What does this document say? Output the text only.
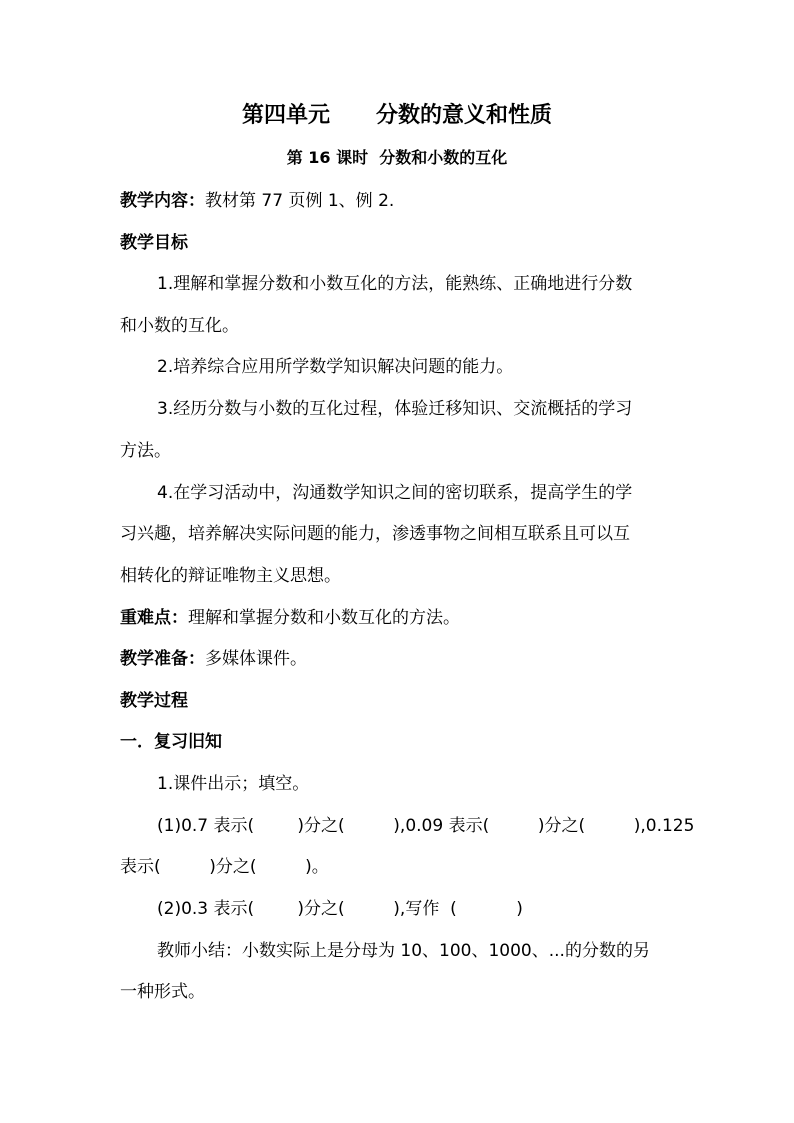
第四单元      分数的意义和性质
第 16 课时  分数和小数的互化
教学内容：教材第 77 页例 1、例 2.
教学目标
1.理解和掌握分数和小数互化的方法，能熟练、正确地进行分数
和小数的互化。
2.培养综合应用所学数学知识解决问题的能力。
3.经历分数与小数的互化过程，体验迁移知识、交流概括的学习
方法。
4.在学习活动中，沟通数学知识之间的密切联系，提高学生的学
习兴趣，培养解决实际问题的能力，渗透事物之间相互联系且可以互
相转化的辩证唯物主义思想。
重难点：理解和掌握分数和小数互化的方法。
教学准备：多媒体课件。
教学过程
一．复习旧知
1.课件出示；填空。
(1)0.7 表示(        )分之(         ),0.09 表示(         )分之(         ),0.125
表示(         )分之(         )。
(2)0.3 表示(        )分之(         ),写作  (           )
教师小结：小数实际上是分母为 10、100、1000、...的分数的另
一种形式。
